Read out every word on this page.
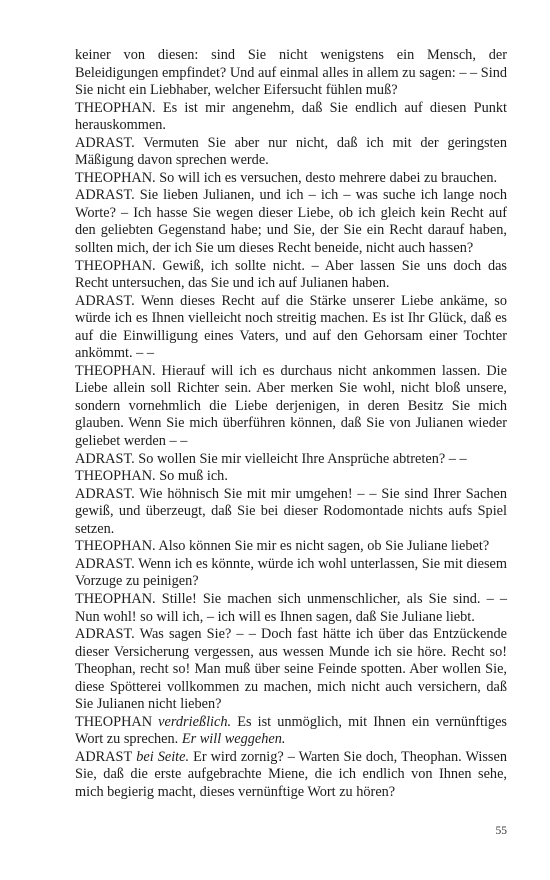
keiner von diesen: sind Sie nicht wenigstens ein Mensch, der Beleidigungen empfindet? Und auf einmal alles in allem zu sagen: – – Sind Sie nicht ein Liebhaber, welcher Eifersucht fühlen muß?

THEOPHAN. Es ist mir angenehm, daß Sie endlich auf diesen Punkt herauskommen.

ADRAST. Vermuten Sie aber nur nicht, daß ich mit der geringsten Mäßigung davon sprechen werde.

THEOPHAN. So will ich es versuchen, desto mehrere dabei zu brauchen.

ADRAST. Sie lieben Julianen, und ich – ich – was suche ich lange noch Worte? – Ich hasse Sie wegen dieser Liebe, ob ich gleich kein Recht auf den geliebten Gegenstand habe; und Sie, der Sie ein Recht darauf haben, sollten mich, der ich Sie um dieses Recht beneide, nicht auch hassen?

THEOPHAN. Gewiß, ich sollte nicht. – Aber lassen Sie uns doch das Recht untersuchen, das Sie und ich auf Julianen haben.

ADRAST. Wenn dieses Recht auf die Stärke unserer Liebe ankäme, so würde ich es Ihnen vielleicht noch streitig machen. Es ist Ihr Glück, daß es auf die Einwilligung eines Vaters, und auf den Gehorsam einer Tochter ankömmt. – –

THEOPHAN. Hierauf will ich es durchaus nicht ankommen lassen. Die Liebe allein soll Richter sein. Aber merken Sie wohl, nicht bloß unsere, sondern vornehmlich die Liebe derjenigen, in deren Besitz Sie mich glauben. Wenn Sie mich überführen können, daß Sie von Julianen wieder geliebet werden – –

ADRAST. So wollen Sie mir vielleicht Ihre Ansprüche abtreten? – –

THEOPHAN. So muß ich.

ADRAST. Wie höhnisch Sie mit mir umgehen! – – Sie sind Ihrer Sachen gewiß, und überzeugt, daß Sie bei dieser Rodomontade nichts aufs Spiel setzen.

THEOPHAN. Also können Sie mir es nicht sagen, ob Sie Juliane liebet?

ADRAST. Wenn ich es könnte, würde ich wohl unterlassen, Sie mit diesem Vorzuge zu peinigen?

THEOPHAN. Stille! Sie machen sich unmenschlicher, als Sie sind. – – Nun wohl! so will ich, – ich will es Ihnen sagen, daß Sie Juliane liebt.

ADRAST. Was sagen Sie? – – Doch fast hätte ich über das Entzückende dieser Versicherung vergessen, aus wessen Munde ich sie höre. Recht so! Theophan, recht so! Man muß über seine Feinde spotten. Aber wollen Sie, diese Spötterei vollkommen zu machen, mich nicht auch versichern, daß Sie Julianen nicht lieben?

THEOPHAN verdrießlich. Es ist unmöglich, mit Ihnen ein vernünftiges Wort zu sprechen. Er will weggehen.

ADRAST bei Seite. Er wird zornig? – Warten Sie doch, Theophan. Wissen Sie, daß die erste aufgebrachte Miene, die ich endlich von Ihnen sehe, mich begierig macht, dieses vernünftige Wort zu hören?

55
